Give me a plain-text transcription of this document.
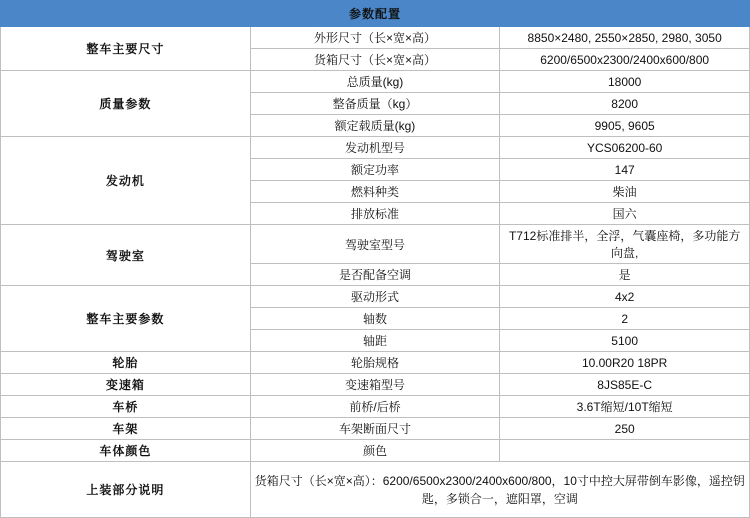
参数配置		
整车主要尺寸	外形尺寸（长×宽×高）	8850×2480, 2550×2850, 2980, 3050
	货箱尺寸（长×宽×高）	6200/6500x2300/2400x600/800
质量参数	总质量(kg)	18000
	整备质量（kg）	8200
	额定载质量(kg)	9905, 9605
发动机	发动机型号	YCS06200-60
	额定功率	147
	燃料种类	柴油
	排放标准	国六
驾驶室	驾驶室型号	T712标准排半，全浮，气囊座椅，多功能方向盘,
	是否配备空调	是
整车主要参数	驱动形式	4x2
	轴数	2
	轴距	5100
轮胎	轮胎规格	10.00R20 18PR
变速箱	变速箱型号	8JS85E-C
车桥	前桥/后桥	3.6T缩短/10T缩短
车架	车架断面尺寸	250
车体颜色	颜色	
上装部分说明	货箱尺寸（长×宽×高）：6200/6500x2300/2400x600/800，10寸中控大屏带倒车影像，遥控钥匙，多锁合一，遮阳罩，空调	
